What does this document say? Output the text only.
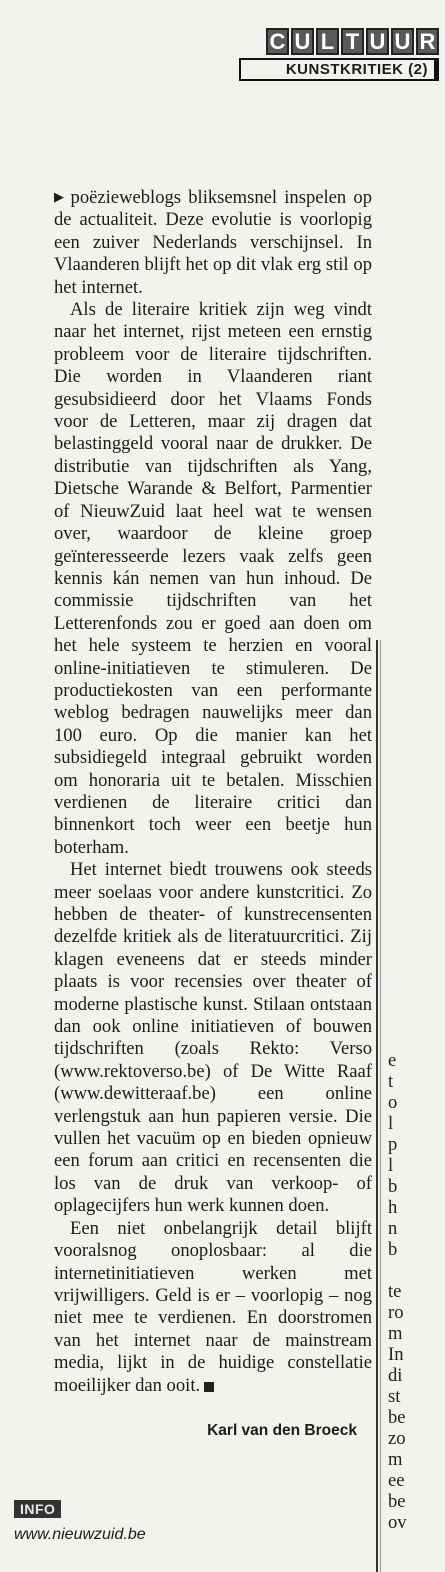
C U L T U U R
KUNSTKRITIEK (2)

▶ poëzieweblogs bliksemsnel inspelen op de actualiteit. Deze evolutie is voorlopig een zuiver Nederlands verschijnsel. In Vlaanderen blijft het op dit vlak erg stil op het internet.

Als de literaire kritiek zijn weg vindt naar het internet, rijst meteen een ernstig probleem voor de literaire tijdschriften. Die worden in Vlaanderen riant gesubsidieerd door het Vlaams Fonds voor de Letteren, maar zij dragen dat belastinggeld vooral naar de drukker. De distributie van tijdschriften als Yang, Dietsche Warande & Belfort, Parmentier of NieuwZuid laat heel wat te wensen over, waardoor de kleine groep geïnteresseerde lezers vaak zelfs geen kennis kán nemen van hun inhoud. De commissie tijdschriften van het Letterenfonds zou er goed aan doen om het hele systeem te herzien en vooral online-initiatieven te stimuleren. De productiekosten van een performante weblog bedragen nauwelijks meer dan 100 euro. Op die manier kan het subsidiegeld integraal gebruikt worden om honoraria uit te betalen. Misschien verdienen de literaire critici dan binnenkort toch weer een beetje hun boterham.

Het internet biedt trouwens ook steeds meer soelaas voor andere kunstcritici. Zo hebben de theater- of kunstrecensenten dezelfde kritiek als de literatuurcritici. Zij klagen eveneens dat er steeds minder plaats is voor recensies over theater of moderne plastische kunst. Stilaan ontstaan dan ook online initiatieven of bouwen tijdschriften (zoals Rekto: Verso (www.rektoverso.be) of De Witte Raaf (www.dewitteraaf.be) een online verlengstuk aan hun papieren versie. Die vullen het vacuüm op en bieden opnieuw een forum aan critici en recensenten die los van de druk van verkoop- of oplagecijfers hun werk kunnen doen.

Een niet onbelangrijk detail blijft vooralsnog onoplosbaar: al die internetinitiatieven werken met vrijwilligers. Geld is er – voorlopig – nog niet mee te verdienen. En doorstromen van het internet naar de mainstream media, lijkt in de huidige constellatie moeilijker dan ooit.

Karl van den Broeck
INFO
www.nieuwzuid.be
e
t
o
l
p
l
b
h
n
b

te
ro
m
In
di
st
be
zo
m
ee
be
ov
